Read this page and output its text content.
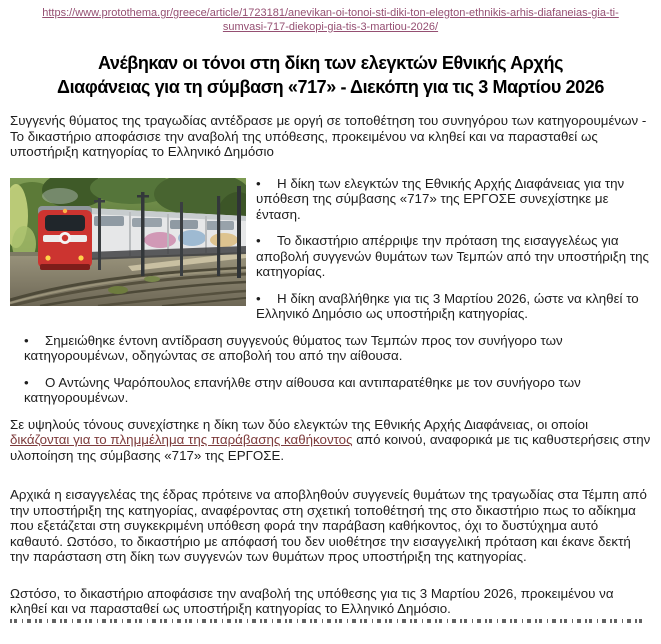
https://www.protothema.gr/greece/article/1723181/anevikan-oi-tonoi-sti-diki-ton-elegton-ethnikis-arhis-diafaneias-gia-ti-sumvasi-717-diekopi-gia-tis-3-martiou-2026/

Ανέβηκαν οι τόνοι στη δίκη των ελεγκτών Εθνικής Αρχής Διαφάνειας για τη σύμβαση «717» - Διεκόπη για τις 3 Μαρτίου 2026

Συγγενής θύματος της τραγωδίας αντέδρασε με οργή σε τοποθέτηση του συνηγόρου των κατηγορουμένων - Το δικαστήριο αποφάσισε την αναβολή της υπόθεσης, προκειμένου να κληθεί και να παρασταθεί ως υποστήριξη κατηγορίας το Ελληνικό Δημόσιο

• Η δίκη των ελεγκτών της Εθνικής Αρχής Διαφάνειας για την υπόθεση της σύμβασης «717» της ΕΡΓΟΣΕ συνεχίστηκε με ένταση.
• Το δικαστήριο απέρριψε την πρόταση της εισαγγελέως για αποβολή συγγενών θυμάτων των Τεμπών από την υποστήριξη της κατηγορίας.
• Η δίκη αναβλήθηκε για τις 3 Μαρτίου 2026, ώστε να κληθεί το Ελληνικό Δημόσιο ως υποστήριξη κατηγορίας.
• Σημειώθηκε έντονη αντίδραση συγγενούς θύματος των Τεμπών προς τον συνήγορο των κατηγορουμένων, οδηγώντας σε αποβολή του από την αίθουσα.
• Ο Αντώνης Ψαρόπουλος επανήλθε στην αίθουσα και αντιπαρατέθηκε με τον συνήγορο των κατηγορουμένων.

Σε υψηλούς τόνους συνεχίστηκε η δίκη των δύο ελεγκτών της Εθνικής Αρχής Διαφάνειας, οι οποίοι δικάζονται για το πλημμέλημα της παράβασης καθήκοντος από κοινού, αναφορικά με τις καθυστερήσεις στην υλοποίηση της σύμβασης «717» της ΕΡΓΟΣΕ.

Αρχικά η εισαγγελέας της έδρας πρότεινε να αποβληθούν συγγενείς θυμάτων της τραγωδίας στα Τέμπη από την υποστήριξη της κατηγορίας, αναφέροντας στη σχετική τοποθέτησή της στο δικαστήριο πως το αδίκημα που εξετάζεται στη συγκεκριμένη υπόθεση φορά την παράβαση καθήκοντος, όχι το δυστύχημα αυτό καθαυτό. Ωστόσο, το δικαστήριο με απόφασή του δεν υιοθέτησε την εισαγγελική πρόταση και έκανε δεκτή την παράσταση στη δίκη των συγγενών των θυμάτων προς υποστήριξη της κατηγορίας.

Ωστόσο, το δικαστήριο αποφάσισε την αναβολή της υπόθεσης για τις 3 Μαρτίου 2026, προκειμένου να κληθεί και να παρασταθεί ως υποστήριξη κατηγορίας το Ελληνικό Δημόσιο.
